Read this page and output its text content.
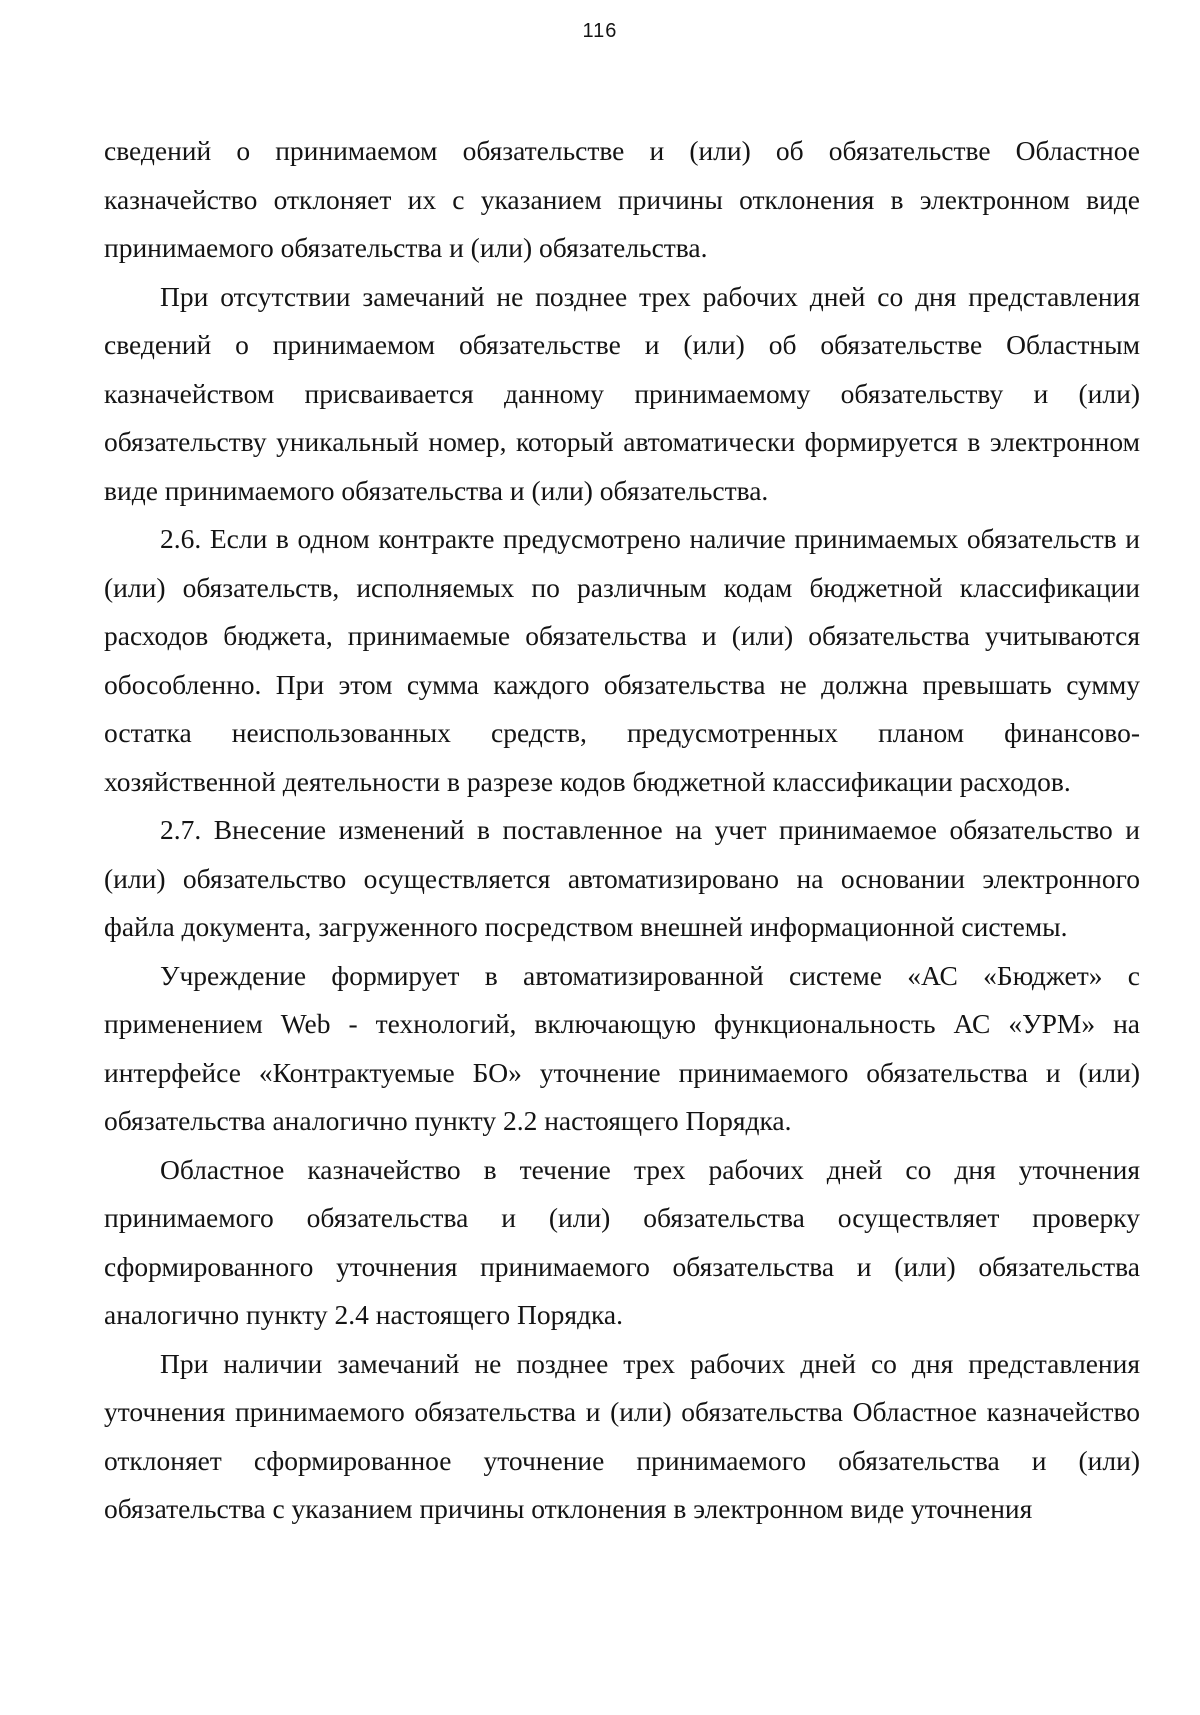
116

сведений о принимаемом обязательстве и (или) об обязательстве Областное казначейство отклоняет их с указанием причины отклонения в электронном виде принимаемого обязательства и (или) обязательства.

При отсутствии замечаний не позднее трех рабочих дней со дня представления сведений о принимаемом обязательстве и (или) об обязательстве Областным казначейством присваивается данному принимаемому обязательству и (или) обязательству уникальный номер, который автоматически формируется в электронном виде принимаемого обязательства и (или) обязательства.

2.6. Если в одном контракте предусмотрено наличие принимаемых обязательств и (или) обязательств, исполняемых по различным кодам бюджетной классификации расходов бюджета, принимаемые обязательства и (или) обязательства учитываются обособленно. При этом сумма каждого обязательства не должна превышать сумму остатка неиспользованных средств, предусмотренных планом финансово-хозяйственной деятельности в разрезе кодов бюджетной классификации расходов.

2.7. Внесение изменений в поставленное на учет принимаемое обязательство и (или) обязательство осуществляется автоматизировано на основании электронного файла документа, загруженного посредством внешней информационной системы.

Учреждение формирует в автоматизированной системе «АС «Бюджет» с применением Web - технологий, включающую функциональность АС «УРМ» на интерфейсе «Контрактуемые БО» уточнение принимаемого обязательства и (или) обязательства аналогично пункту 2.2 настоящего Порядка.

Областное казначейство в течение трех рабочих дней со дня уточнения принимаемого обязательства и (или) обязательства осуществляет проверку сформированного уточнения принимаемого обязательства и (или) обязательства аналогично пункту 2.4 настоящего Порядка.

При наличии замечаний не позднее трех рабочих дней со дня представления уточнения принимаемого обязательства и (или) обязательства Областное казначейство отклоняет сформированное уточнение принимаемого обязательства и (или) обязательства с указанием причины отклонения в электронном виде уточнения
